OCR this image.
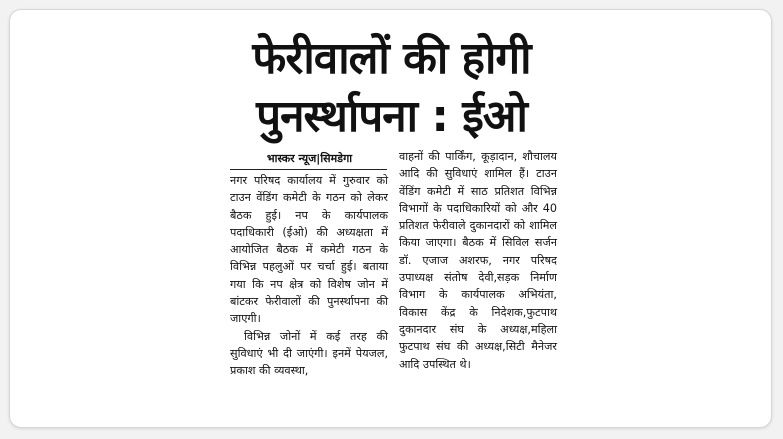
फेरीवालों की होगी
पुनर्स्थापना : ईओ
भास्कर न्यूज|सिमडेगा

नगर परिषद कार्यालय में गुरुवार को टाउन वेंडिंग कमेटी के गठन को लेकर बैठक हुई। नप के कार्यपालक पदाधिकारी (ईओ) की अध्यक्षता में आयोजित बैठक में कमेटी गठन के विभिन्न पहलुओं पर चर्चा हुई। बताया गया कि नप क्षेत्र को विशेष जोन में बांटकर फेरीवालों की पुनर्स्थापना की जाएगी।

विभिन्न जोनों में कई तरह की सुविधाएं भी दी जाएंगी। इनमें पेयजल, प्रकाश की व्यवस्था,

वाहनों की पार्किंग, कूड़ादान, शौचालय आदि की सुविधाएं शामिल हैं। टाउन वेंडिंग कमेटी में साठ प्रतिशत विभिन्न विभागों के पदाधिकारियों को और 40 प्रतिशत फेरीवाले दुकानदारों को शामिल किया जाएगा। बैठक में सिविल सर्जन डॉ. एजाज अशरफ, नगर परिषद उपाध्यक्ष संतोष देवी,सड़क निर्माण विभाग के कार्यपालक अभियंता, विकास केंद्र के निदेशक,फुटपाथ दुकानदार संघ के अध्यक्ष,महिला फुटपाथ संघ की अध्यक्ष,सिटी मैनेजर आदि उपस्थित थे।
